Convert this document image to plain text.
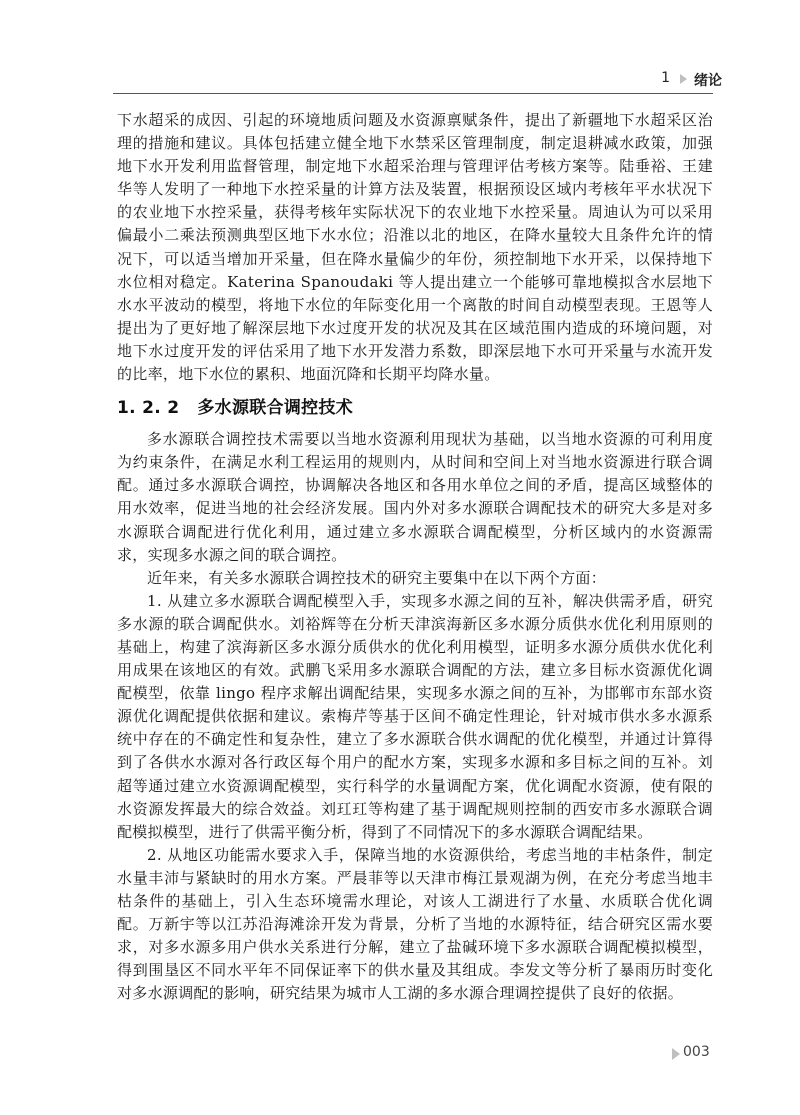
1 绪论

下水超采的成因、引起的环境地质问题及水资源禀赋条件，提出了新疆地下水超采区治理的措施和建议。具体包括建立健全地下水禁采区管理制度，制定退耕减水政策，加强地下水开发利用监督管理，制定地下水超采治理与管理评估考核方案等。陆垂裕、王建华等人发明了一种地下水控采量的计算方法及装置，根据预设区域内考核年平水状况下的农业地下水控采量，获得考核年实际状况下的农业地下水控采量。周迪认为可以采用偏最小二乘法预测典型区地下水水位；沿淮以北的地区，在降水量较大且条件允许的情况下，可以适当增加开采量，但在降水量偏少的年份，须控制地下水开采，以保持地下水位相对稳定。Katerina Spanoudaki 等人提出建立一个能够可靠地模拟含水层地下水水平波动的模型，将地下水位的年际变化用一个离散的时间自动模型表现。王恩等人提出为了更好地了解深层地下水过度开发的状况及其在区域范围内造成的环境问题，对地下水过度开发的评估采用了地下水开发潜力系数，即深层地下水可开采量与水流开发的比率，地下水位的累积、地面沉降和长期平均降水量。

1. 2. 2 多水源联合调控技术

多水源联合调控技术需要以当地水资源利用现状为基础，以当地水资源的可利用度为约束条件，在满足水利工程运用的规则内，从时间和空间上对当地水资源进行联合调配。通过多水源联合调控，协调解决各地区和各用水单位之间的矛盾，提高区域整体的用水效率，促进当地的社会经济发展。国内外对多水源联合调配技术的研究大多是对多水源联合调配进行优化利用，通过建立多水源联合调配模型，分析区域内的水资源需求，实现多水源之间的联合调控。

近年来，有关多水源联合调控技术的研究主要集中在以下两个方面：

1. 从建立多水源联合调配模型入手，实现多水源之间的互补，解决供需矛盾，研究多水源的联合调配供水。刘裕辉等在分析天津滨海新区多水源分质供水优化利用原则的基础上，构建了滨海新区多水源分质供水的优化利用模型，证明多水源分质供水优化利用成果在该地区的有效。武鹏飞采用多水源联合调配的方法，建立多目标水资源优化调配模型，依靠 lingo 程序求解出调配结果，实现多水源之间的互补，为邯郸市东部水资源优化调配提供依据和建议。索梅芹等基于区间不确定性理论，针对城市供水多水源系统中存在的不确定性和复杂性，建立了多水源联合供水调配的优化模型，并通过计算得到了各供水水源对各行政区每个用户的配水方案，实现多水源和多目标之间的互补。刘超等通过建立水资源调配模型，实行科学的水量调配方案，优化调配水资源，使有限的水资源发挥最大的综合效益。刘玒玒等构建了基于调配规则控制的西安市多水源联合调配模拟模型，进行了供需平衡分析，得到了不同情况下的多水源联合调配结果。

2. 从地区功能需水要求入手，保障当地的水资源供给，考虑当地的丰枯条件，制定水量丰沛与紧缺时的用水方案。严晨菲等以天津市梅江景观湖为例，在充分考虑当地丰枯条件的基础上，引入生态环境需水理论，对该人工湖进行了水量、水质联合优化调配。万新宇等以江苏沿海滩涂开发为背景，分析了当地的水源特征，结合研究区需水要求，对多水源多用户供水关系进行分解，建立了盐碱环境下多水源联合调配模拟模型，得到围垦区不同水平年不同保证率下的供水量及其组成。李发文等分析了暴雨历时变化对多水源调配的影响，研究结果为城市人工湖的多水源合理调控提供了良好的依据。

003
